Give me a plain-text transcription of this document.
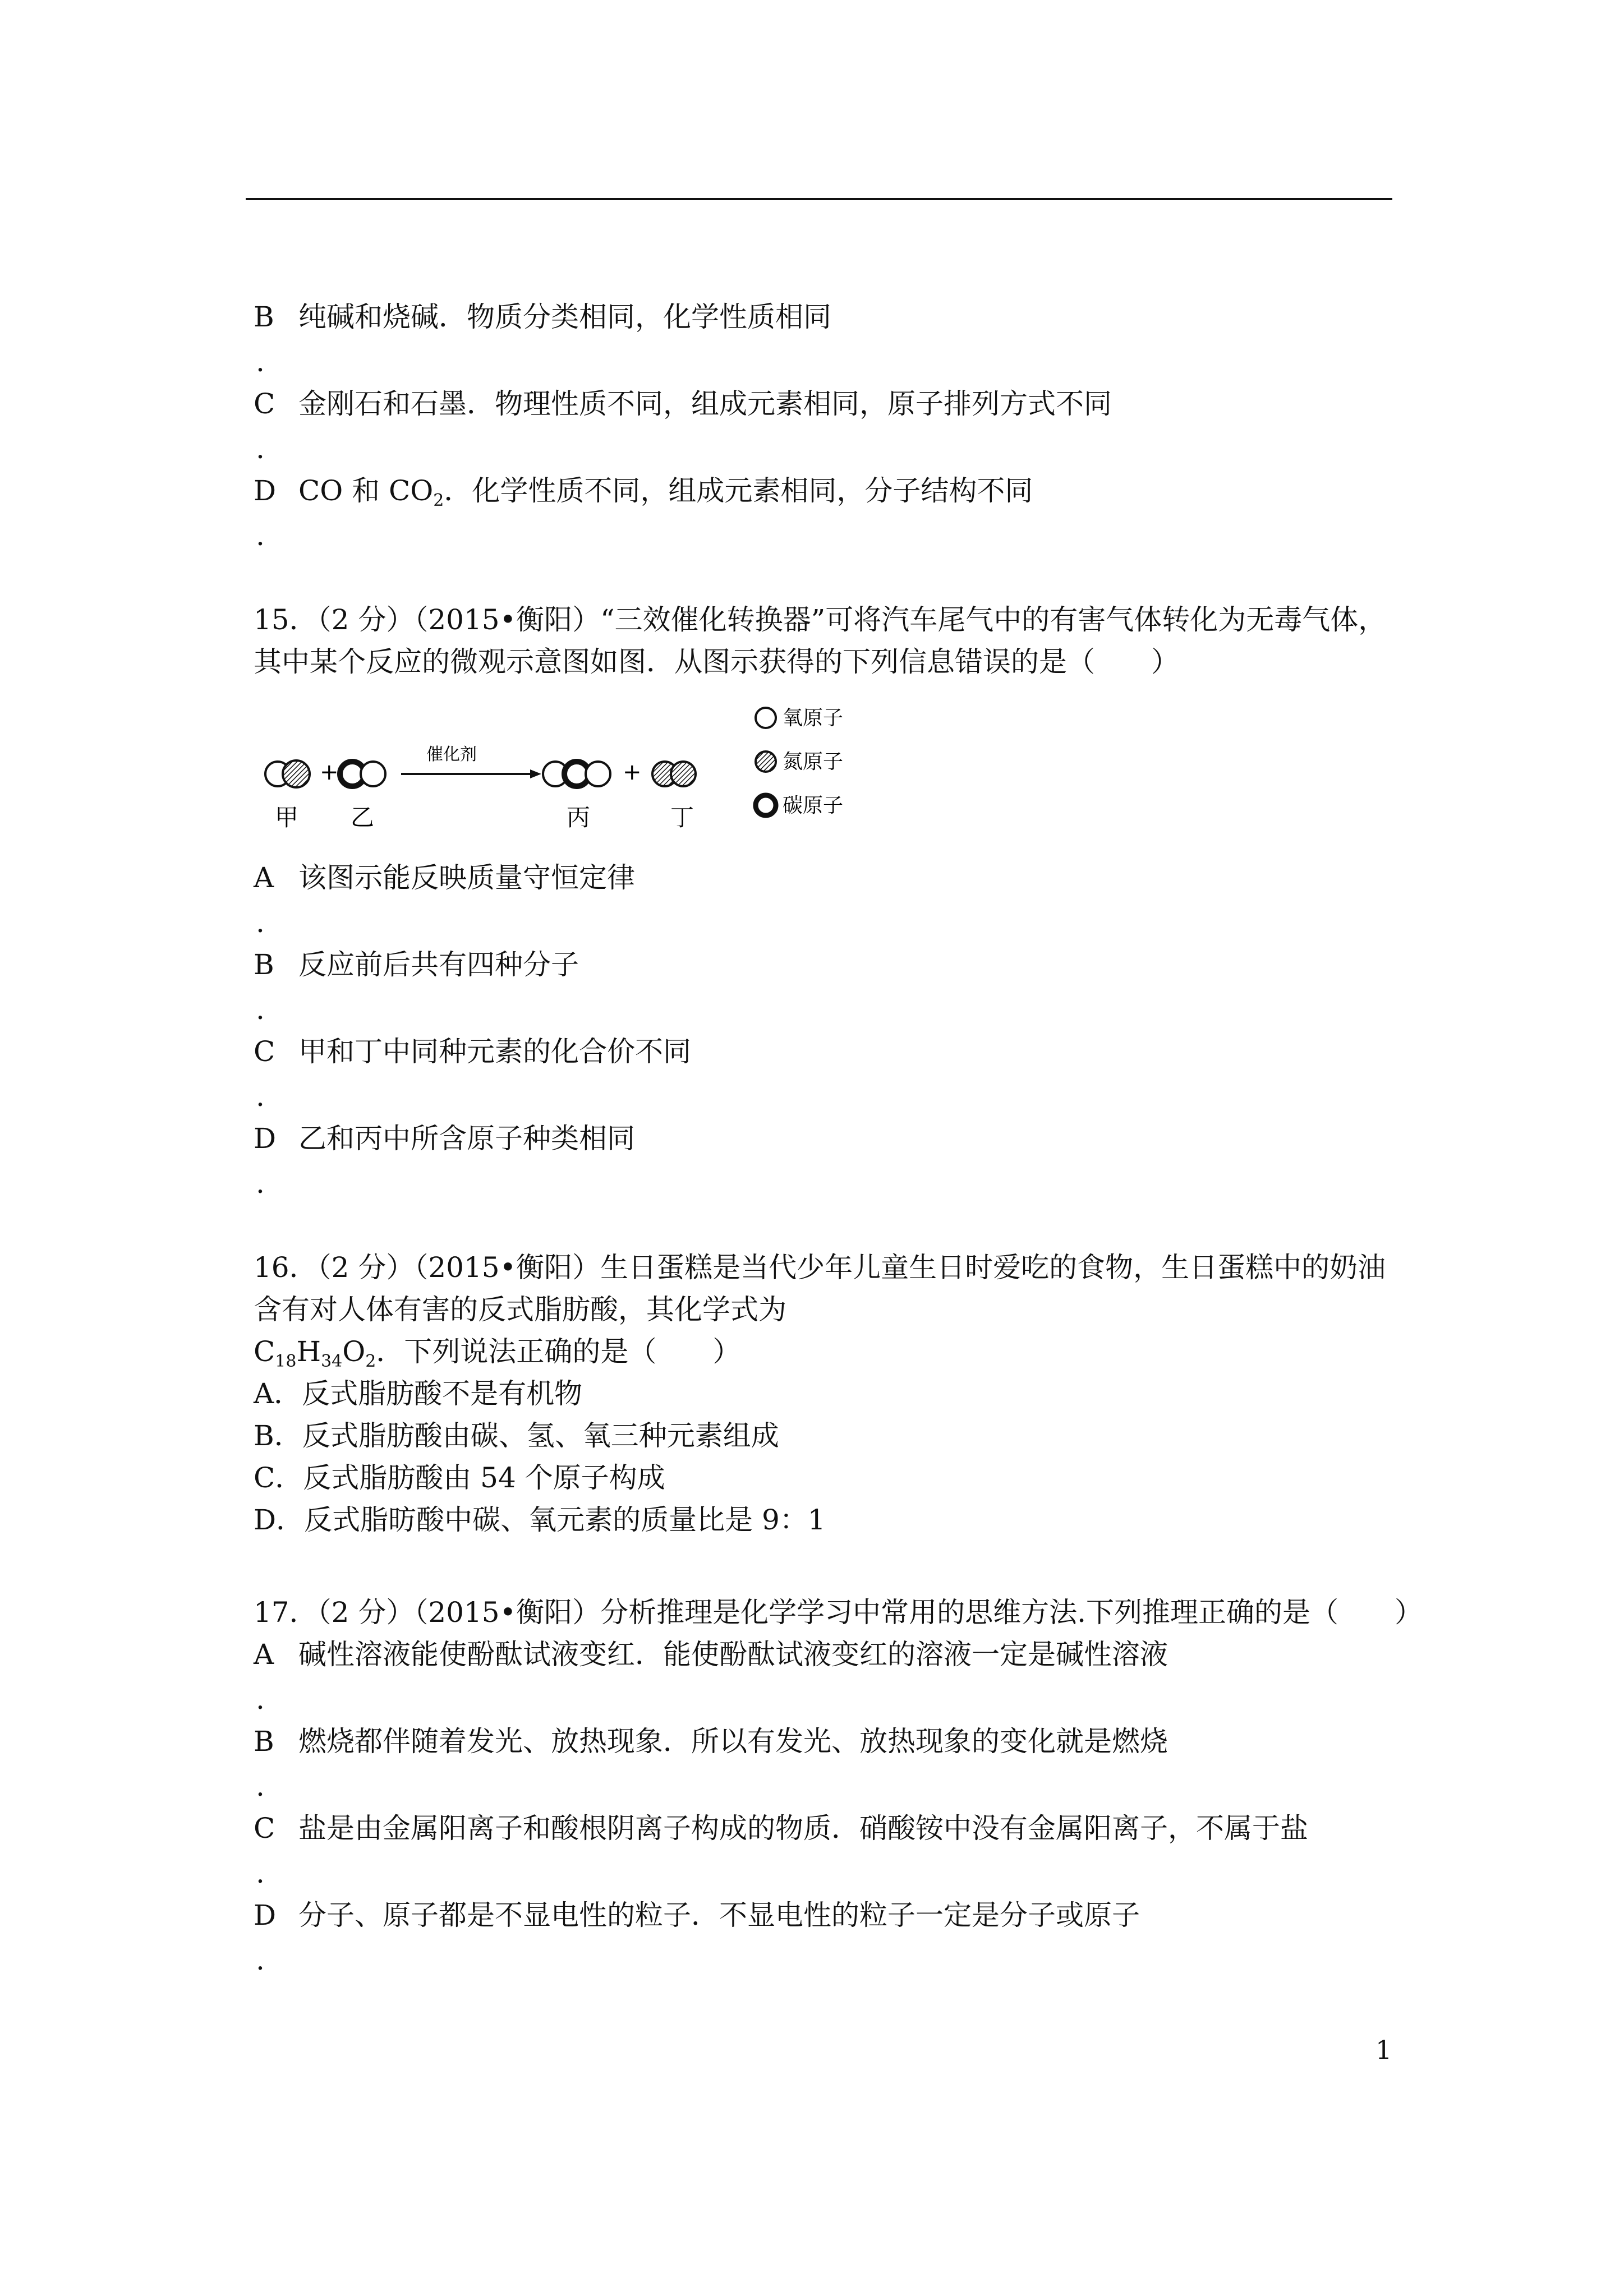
B 纯碱和烧碱．物质分类相同，化学性质相同
.
C 金刚石和石墨．物理性质不同，组成元素相同，原子排列方式不同
.
D CO 和 $CO_2$．化学性质不同，组成元素相同，分子结构不同
.
15．（2 分）（2015•衡阳）“三效催化转换器”可将汽车尾气中的有害气体转化为无毒气体，
其中某个反应的微观示意图如图．从图示获得的下列信息错误的是（　　）
+
催化剂
+
甲 乙	丙	丁
氧原子
氮原子
碳原子
A 该图示能反映质量守恒定律
.
B 反应前后共有四种分子
.
C 甲和丁中同种元素的化合价不同
.
D 乙和丙中所含原子种类相同
.
16．（2 分）（2015•衡阳）生日蛋糕是当代少年儿童生日时爱吃的食物，生日蛋糕中的奶油
含有对人体有害的反式脂肪酸，其化学式为
$C_{18}H_{34}O_2$．下列说法正确的是（　　）
A．反式脂肪酸不是有机物
B．反式脂肪酸由碳、氢、氧三种元素组成
C．反式脂肪酸由 54 个原子构成
D．反式脂昉酸中碳、氧元素的质量比是 9：1
17．（2 分）（2015•衡阳）分析推理是化学学习中常用的思维方法.下列推理正确的是（　　）
A 碱性溶液能使酚酞试液变红．能使酚酞试液变红的溶液一定是碱性溶液
.
B 燃烧都伴随着发光、放热现象．所以有发光、放热现象的变化就是燃烧
.
C 盐是由金属阳离子和酸根阴离子构成的物质．硝酸铵中没有金属阳离子，不属于盐
.
D 分子、原子都是不显电性的粒子．不显电性的粒子一定是分子或原子
.
1
